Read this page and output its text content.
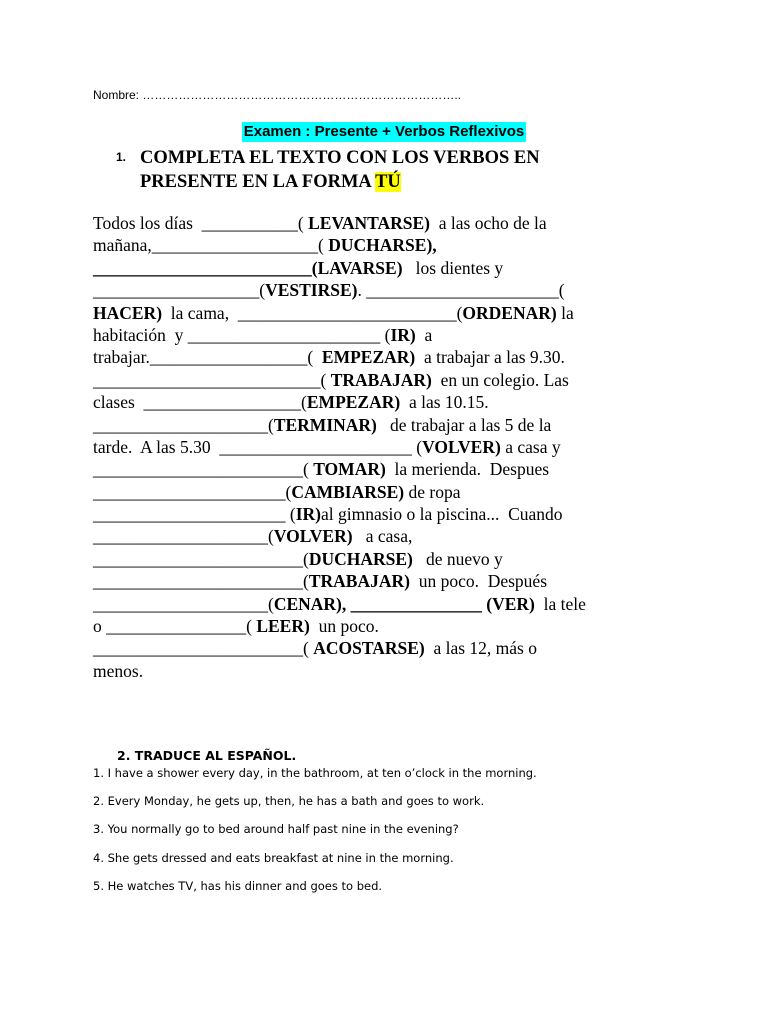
Nombre: ……………………………………………………………………..
Examen : Presente + Verbos Reflexivos
1. COMPLETA EL TEXTO CON LOS VERBOS EN
PRESENTE EN LA FORMA TÚ
Todos los días  ___________( LEVANTARSE)  a las ocho de la
mañana,___________________( DUCHARSE),
_________________________(LAVARSE)   los dientes y
___________________(VESTIRSE). ______________________(
HACER)  la cama,  _________________________(ORDENAR) la
habitación  y ______________________ (IR)  a
trabajar.__________________(  EMPEZAR)  a trabajar a las 9.30.
__________________________( TRABAJAR)  en un colegio. Las
clases  __________________(EMPEZAR)  a las 10.15.
____________________(TERMINAR)   de trabajar a las 5 de la
tarde.  A las 5.30  ______________________ (VOLVER) a casa y
________________________( TOMAR)  la merienda.  Despues
______________________(CAMBIARSE) de ropa
______________________ (IR)al gimnasio o la piscina...  Cuando
____________________(VOLVER)   a casa,
________________________(DUCHARSE)   de nuevo y
________________________(TRABAJAR)  un poco.  Después
____________________(CENAR), _______________ (VER)  la tele
o ________________( LEER)  un poco.
________________________( ACOSTARSE)  a las 12, más o
menos.
2. TRADUCE AL ESPAÑOL.
1. I have a shower every day, in the bathroom, at ten o’clock in the morning.
2. Every Monday, he gets up, then, he has a bath and goes to work.
3. You normally go to bed around half past nine in the evening?
4. She gets dressed and eats breakfast at nine in the morning.
5. He watches TV, has his dinner and goes to bed.
